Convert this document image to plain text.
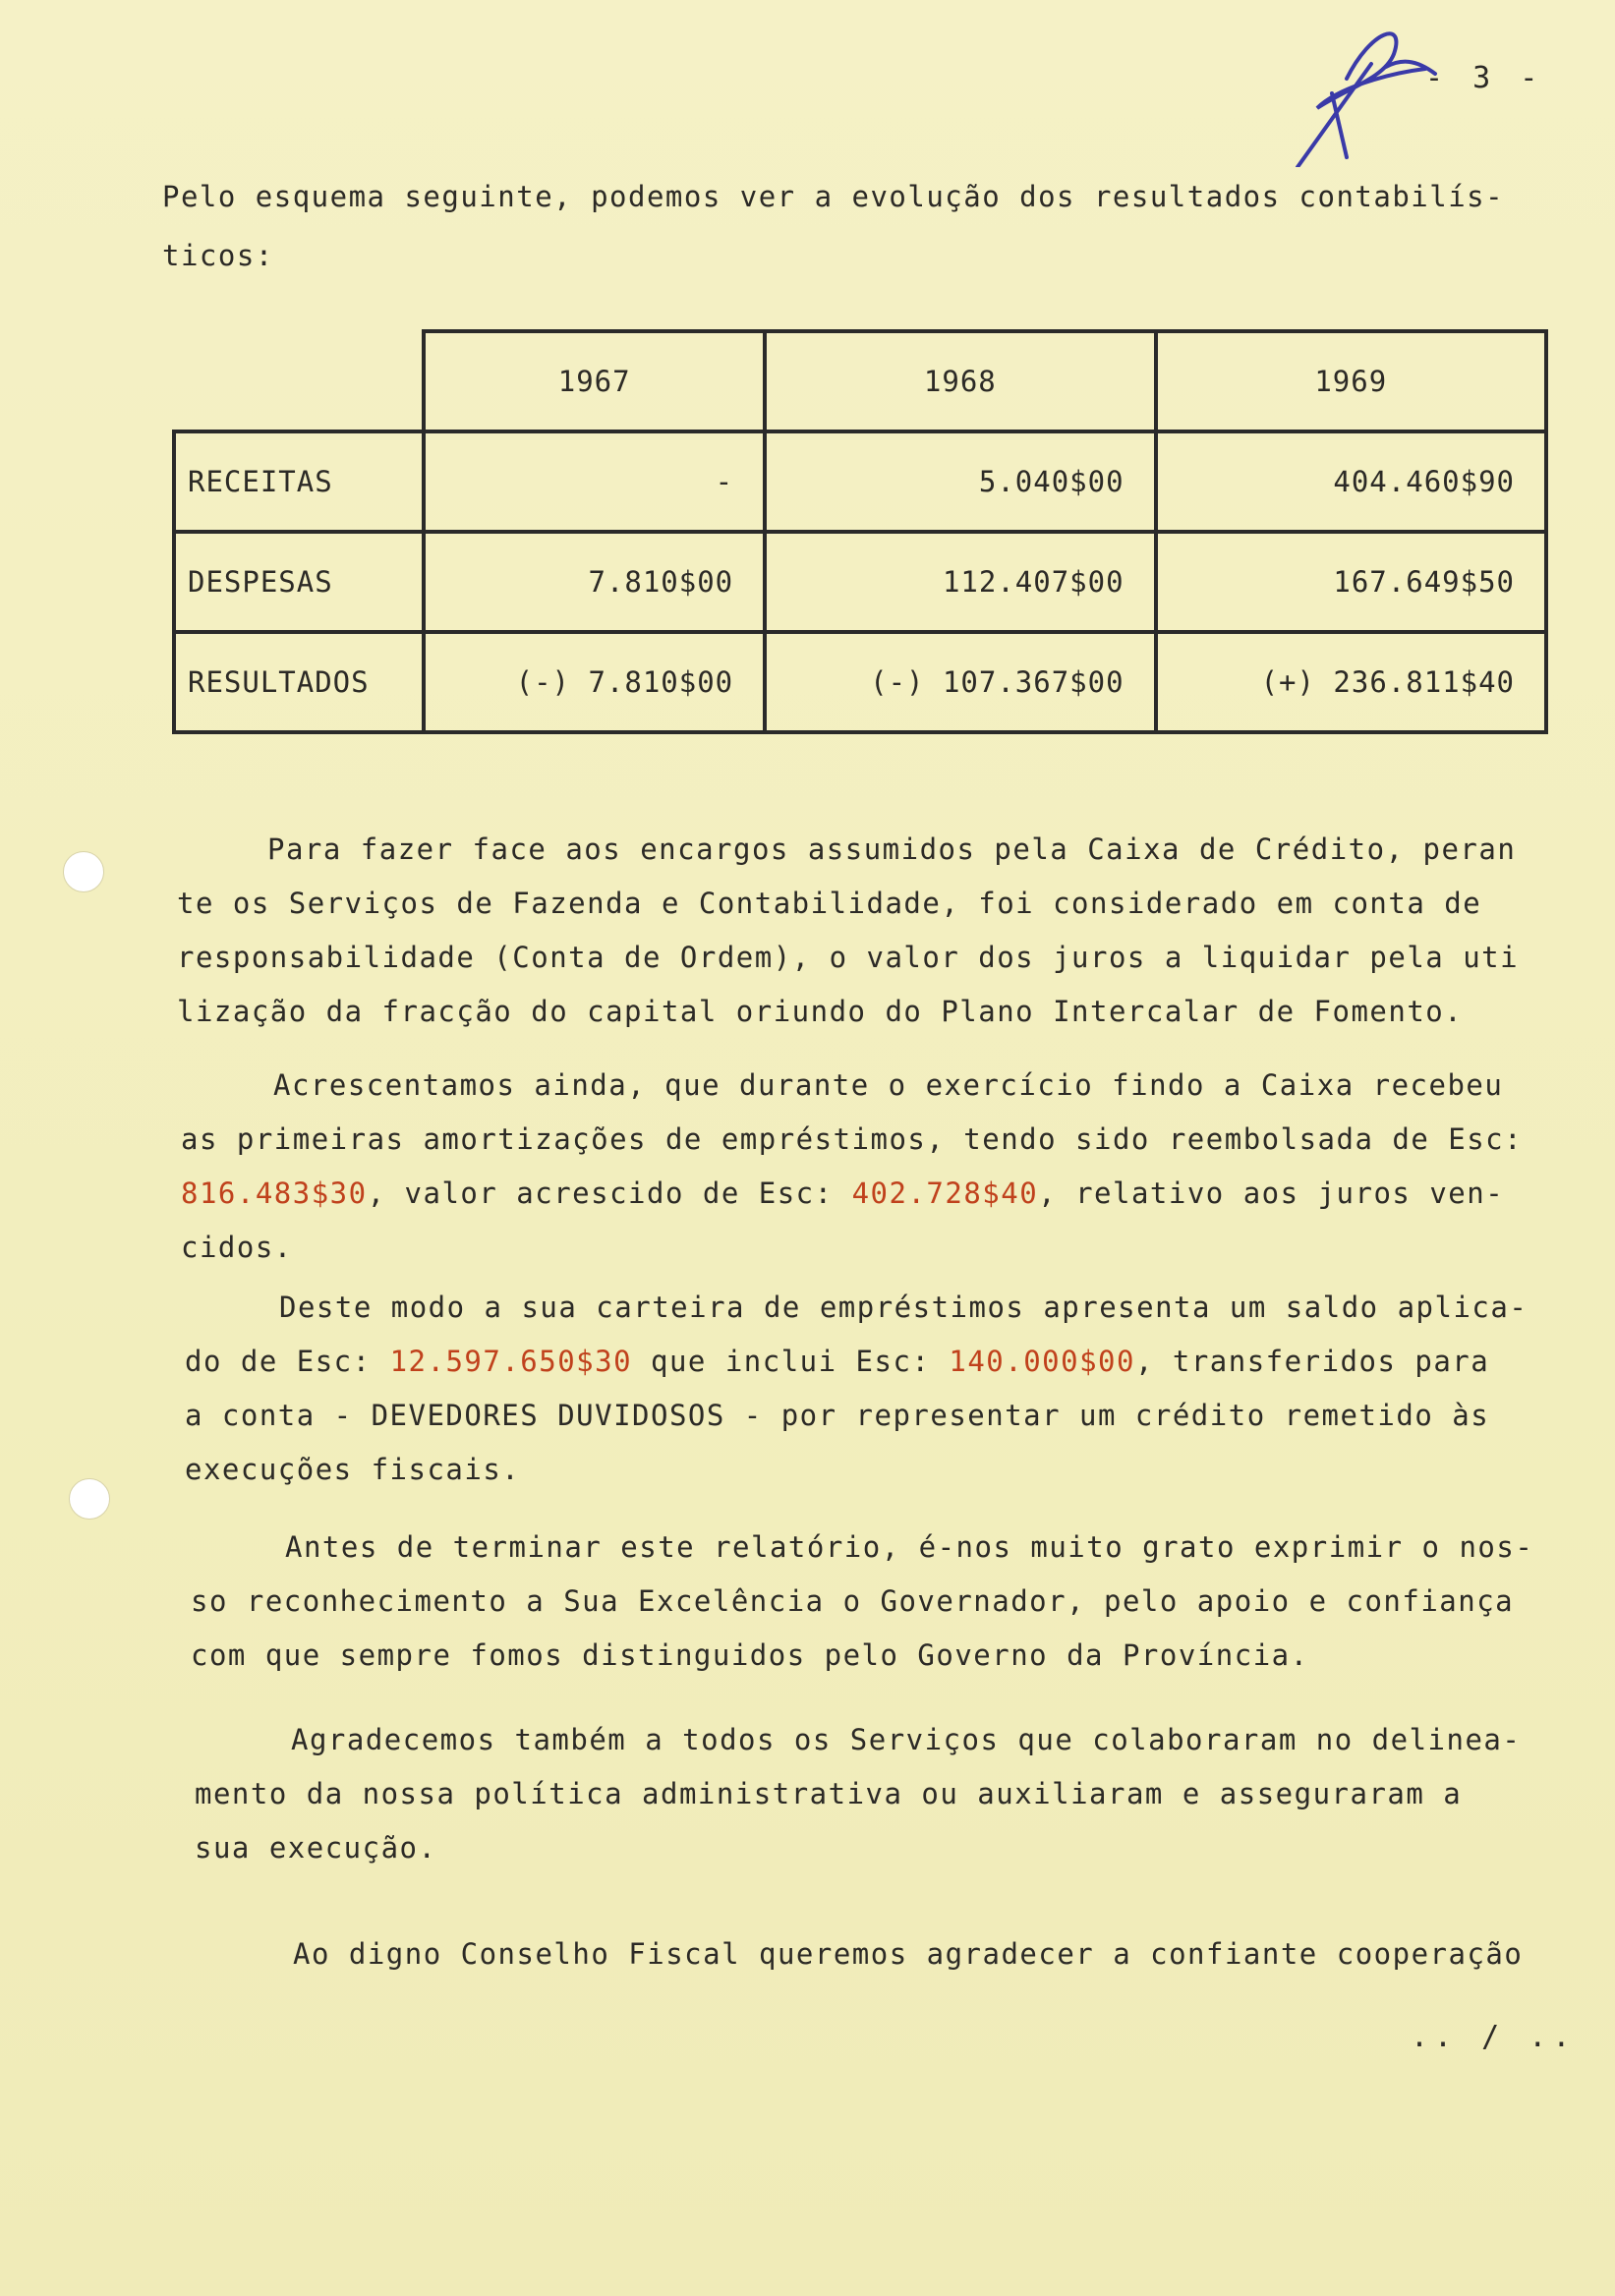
- 3 -
Pelo esquema seguinte, podemos ver a evolução dos resultados contabilís-
ticos:
	1967	1968	1969
RECEITAS	-	5.040$00	404.460$90
DESPESAS	7.810$00	112.407$00	167.649$50
RESULTADOS	(-) 7.810$00	(-) 107.367$00	(+) 236.811$40
Para fazer face aos encargos assumidos pela Caixa de Crédito, peran
te os Serviços de Fazenda e Contabilidade, foi considerado em conta de
responsabilidade (Conta de Ordem), o valor dos juros a liquidar pela uti
lização da fracção do capital oriundo do Plano Intercalar de Fomento.
Acrescentamos ainda, que durante o exercício findo a Caixa recebeu
as primeiras amortizações de empréstimos, tendo sido reembolsada de Esc:
816.483$30, valor acrescido de Esc: 402.728$40, relativo aos juros ven-
cidos.
Deste modo a sua carteira de empréstimos apresenta um saldo aplica-
do de Esc: 12.597.650$30 que inclui Esc: 140.000$00, transferidos para
a conta - DEVEDORES DUVIDOSOS - por representar um crédito remetido às
execuções fiscais.
Antes de terminar este relatório, é-nos muito grato exprimir o nos-
so reconhecimento a Sua Excelência o Governador, pelo apoio e confiança
com que sempre fomos distinguidos pelo Governo da Província.
Agradecemos também a todos os Serviços que colaboraram no delinea-
mento da nossa política administrativa ou auxiliaram e asseguraram a
sua execução.
Ao digno Conselho Fiscal queremos agradecer a confiante cooperação
.. / ..
